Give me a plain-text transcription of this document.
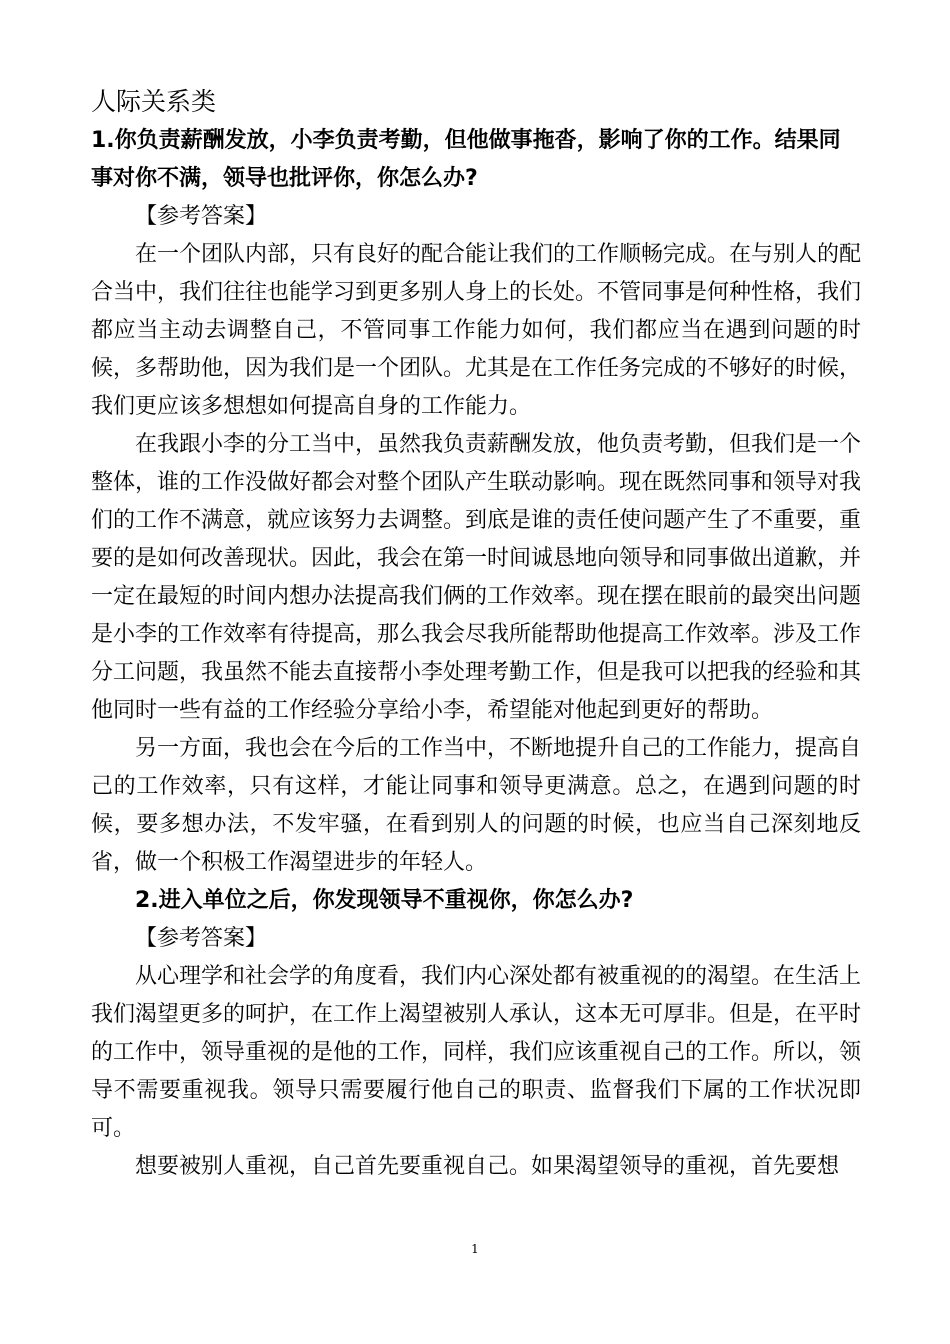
人际关系类
1.你负责薪酬发放，小李负责考勤，但他做事拖沓，影响了你的工作。结果同事对你不满，领导也批评你，你怎么办?
【参考答案】

在一个团队内部，只有良好的配合能让我们的工作顺畅完成。在与别人的配合当中，我们往往也能学习到更多别人身上的长处。不管同事是何种性格，我们都应当主动去调整自己，不管同事工作能力如何，我们都应当在遇到问题的时候，多帮助他，因为我们是一个团队。尤其是在工作任务完成的不够好的时候，我们更应该多想想如何提高自身的工作能力。

在我跟小李的分工当中，虽然我负责薪酬发放，他负责考勤，但我们是一个整体，谁的工作没做好都会对整个团队产生联动影响。现在既然同事和领导对我们的工作不满意，就应该努力去调整。到底是谁的责任使问题产生了不重要，重要的是如何改善现状。因此，我会在第一时间诚恳地向领导和同事做出道歉，并一定在最短的时间内想办法提高我们俩的工作效率。现在摆在眼前的最突出问题是小李的工作效率有待提高，那么我会尽我所能帮助他提高工作效率。涉及工作分工问题，我虽然不能去直接帮小李处理考勤工作，但是我可以把我的经验和其他同时一些有益的工作经验分享给小李，希望能对他起到更好的帮助。

另一方面，我也会在今后的工作当中，不断地提升自己的工作能力，提高自己的工作效率，只有这样，才能让同事和领导更满意。总之，在遇到问题的时候，要多想办法，不发牢骚，在看到别人的问题的时候，也应当自己深刻地反省，做一个积极工作渴望进步的年轻人。

2.进入单位之后，你发现领导不重视你，你怎么办?
【参考答案】

从心理学和社会学的角度看，我们内心深处都有被重视的的渴望。在生活上我们渴望更多的呵护，在工作上渴望被别人承认，这本无可厚非。但是，在平时的工作中，领导重视的是他的工作，同样，我们应该重视自己的工作。所以，领导不需要重视我。领导只需要履行他自己的职责、监督我们下属的工作状况即可。

想要被别人重视，自己首先要重视自己。如果渴望领导的重视，首先要想

1
